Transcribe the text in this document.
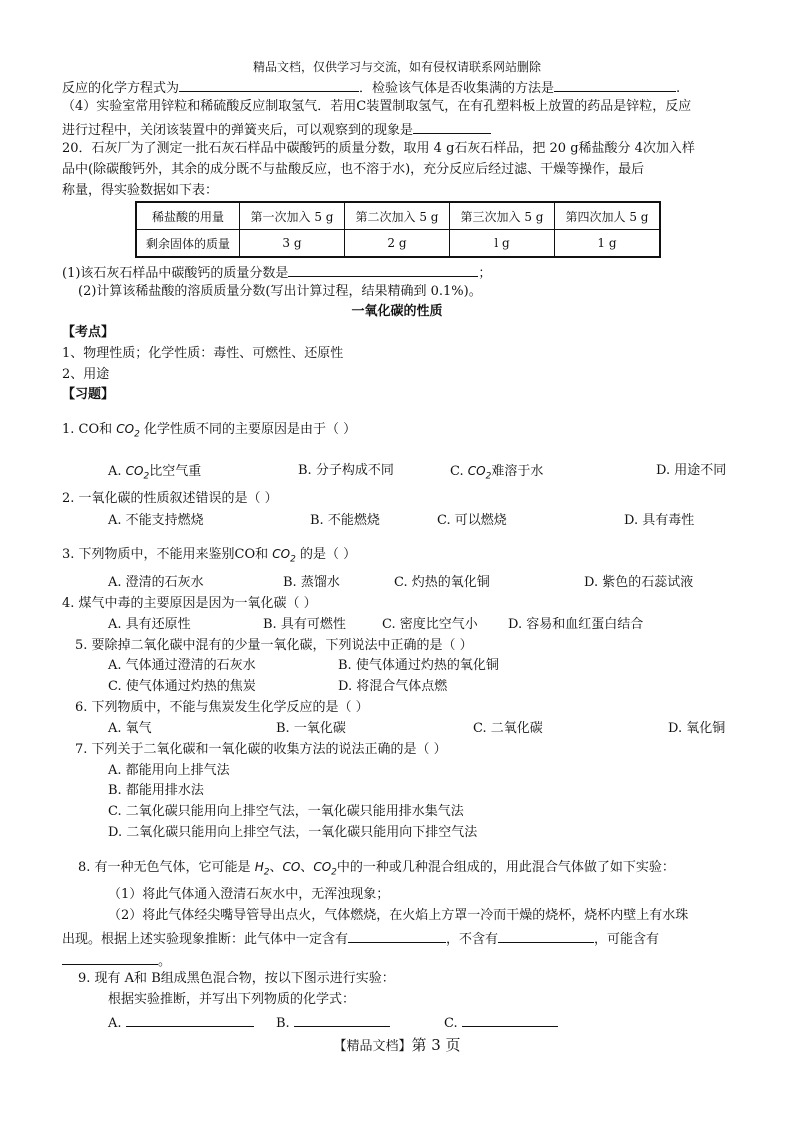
精品文档，仅供学习与交流，如有侵权请联系网站删除
反应的化学方程式为	．检验该气体是否收集满的方法是	.
（4）实验室常用锌粒和稀硫酸反应制取氢气．若用C装置制取氢气，在有孔塑料板上放置的药品是锌粒，反应
进行过程中，关闭该装置中的弹簧夹后，可以观察到的现象是
20．石灰厂为了测定一批石灰石样品中碳酸钙的质量分数，取用 4 g石灰石样品，把 20 g稀盐酸分 4次加入样
品中(除碳酸钙外，其余的成分既不与盐酸反应，也不溶于水)，充分反应后经过滤、干燥等操作，最后
称量，得实验数据如下表：
稀盐酸的用量	第一次加入 5 g	第二次加入 5 g	第三次加入 5 g	第四次加人 5 g
剩余固体的质量	3 g	2 g	l g	1 g
(1)该石灰石样品中碳酸钙的质量分数是	；
(2)计算该稀盐酸的溶质质量分数(写出计算过程，结果精确到 0.1%)。
一氧化碳的性质
【考点】
1、物理性质；化学性质：毒性、可燃性、还原性
2、用途
【习题】
1. CO和 $CO_2$ 化学性质不同的主要原因是由于（ ）
A. $CO_2$比空气重	B. 分子构成不同	C. $CO_2$难溶于水	D. 用途不同
2. 一氧化碳的性质叙述错误的是（ ）
A. 不能支持燃烧	B. 不能燃烧	C. 可以燃烧	D. 具有毒性
3. 下列物质中，不能用来鉴别CO和 $CO_2$ 的是（ ）
A. 澄清的石灰水	B. 蒸馏水	C. 灼热的氧化铜	D. 紫色的石蕊试液
4. 煤气中毒的主要原因是因为一氧化碳（ ）
A. 具有还原性	B. 具有可燃性	C. 密度比空气小 D. 容易和血红蛋白结合
5. 要除掉二氧化碳中混有的少量一氧化碳，下列说法中正确的是（ ）
A. 气体通过澄清的石灰水	B. 使气体通过灼热的氧化铜
C. 使气体通过灼热的焦炭	D. 将混合气体点燃
6. 下列物质中，不能与焦炭发生化学反应的是（ ）
A. 氧气	B. 一氧化碳	C. 二氧化碳	D. 氧化铜
7. 下列关于二氧化碳和一氧化碳的收集方法的说法正确的是（ ）
A. 都能用向上排气法
B. 都能用排水法
C. 二氧化碳只能用向上排空气法，一氧化碳只能用排水集气法
D. 二氧化碳只能用向上排空气法，一氧化碳只能用向下排空气法
8. 有一种无色气体，它可能是 $H_2$、CO、$CO_2$中的一种或几种混合组成的，用此混合气体做了如下实验：
（1）将此气体通入澄清石灰水中，无浑浊现象；
（2）将此气体经尖嘴导管导出点火，气体燃烧，在火焰上方罩一冷而干燥的烧杯，烧杯内壁上有水珠
出现。根据上述实验现象推断：此气体中一定含有	，不含有	，可能含有
。
9. 现有 A和 B组成黑色混合物，按以下图示进行实验：
根据实验推断，并写出下列物质的化学式：
A.	B.	C.
【精品文档】第 3 页
